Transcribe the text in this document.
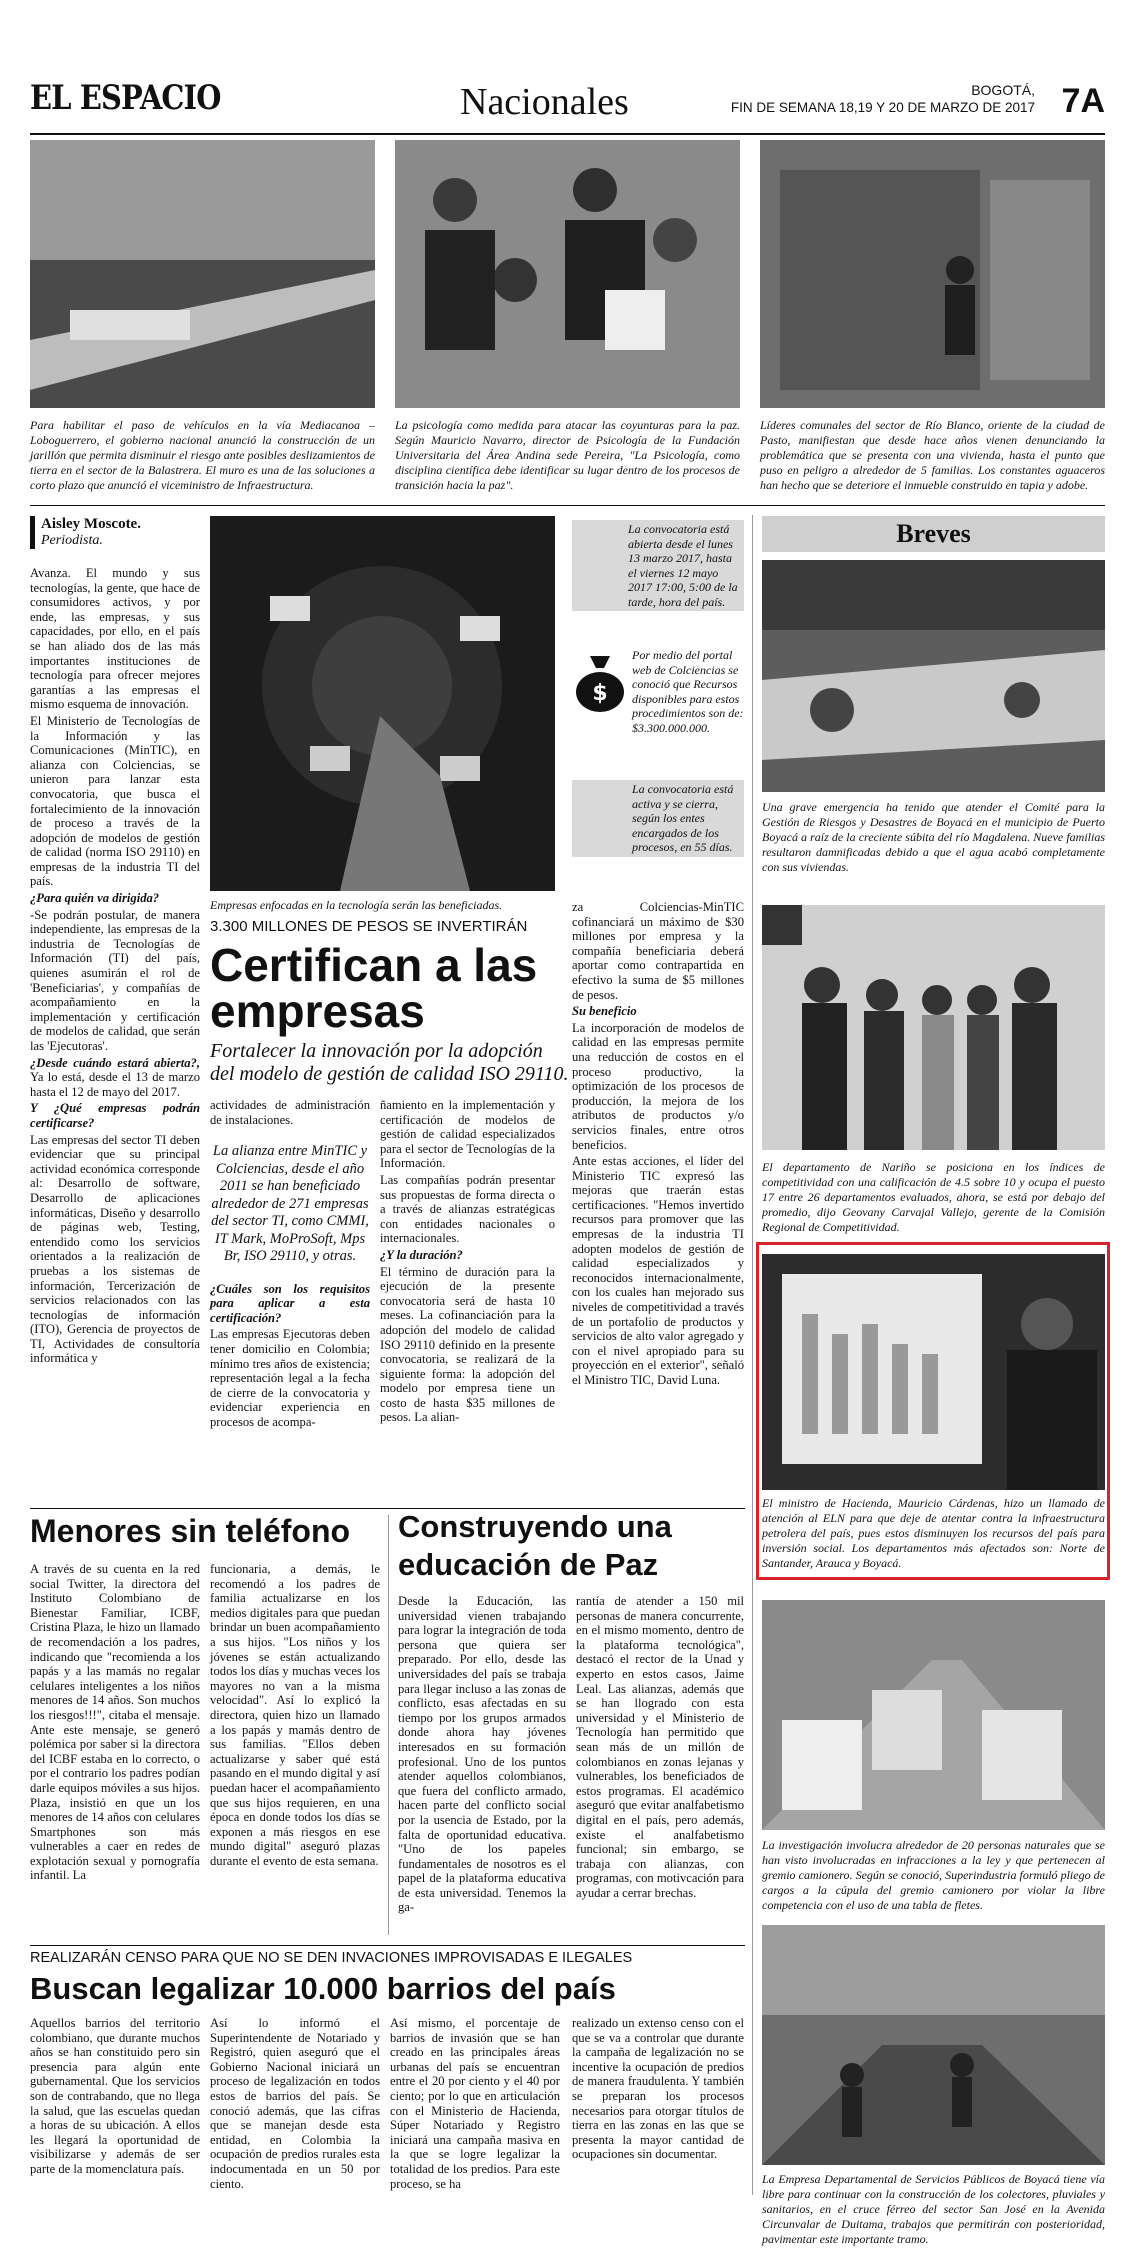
EL ESPACIO	Nacionales	BOGOTÁ,
FIN DE SEMANA 18,19 Y 20 DE MARZO DE 2017 7A
Para habilitar el paso de vehículos en la vía Mediacanoa – Loboguerrero, el gobierno nacional anunció la construcción de un jarillón que permita disminuir el riesgo ante posibles deslizamientos de tierra en el sector de la Balastrera. El muro es una de las soluciones a corto plazo que anunció el viceministro de Infraestructura.
La psicología como medida para atacar las coyunturas para la paz. Según Mauricio Navarro, director de Psicología de la Fundación Universitaria del Área Andina sede Pereira, "La Psicología, como disciplina científica debe identificar su lugar dentro de los procesos de transición hacia la paz".
Líderes comunales del sector de Río Blanco, oriente de la ciudad de Pasto, manifiestan que desde hace años vienen denunciando la problemática que se presenta con una vivienda, hasta el punto que puso en peligro a alrededor de 5 familias. Los constantes aguaceros han hecho que se deteriore el inmueble construido en tapia y adobe.
Aisley Moscote.
Periodista.

Avanza. El mundo y sus tecnologías, la gente, que hace de consumidores activos, y por ende, las empresas, y sus capacidades, por ello, en el país se han aliado dos de las más importantes instituciones de tecnología para ofrecer mejores garantías a las empresas el mismo esquema de innovación.

El Ministerio de Tecnologías de la Información y las Comunicaciones (MinTIC), en alianza con Colciencias, se unieron para lanzar esta convocatoria, que busca el fortalecimiento de la innovación de proceso a través de la adopción de modelos de gestión de calidad (norma ISO 29110) en empresas de la industria TI del país.

¿Para quién va dirigida?

-Se podrán postular, de manera independiente, las empresas de la industria de Tecnologías de Información (TI) del país, quienes asumirán el rol de 'Beneficiarias', y compañías de acompañamiento en la implementación y certificación de modelos de calidad, que serán las 'Ejecutoras'.

¿Desde cuándo estará abierta?, Ya lo está, desde el 13 de marzo hasta el 12 de mayo del 2017.

Y ¿Qué empresas podrán certificarse?

Las empresas del sector TI deben evidenciar que su principal actividad económica corresponde al: Desarrollo de software, Desarrollo de aplicaciones informáticas, Diseño y desarrollo de páginas web, Testing, entendido como los servicios orientados a la realización de pruebas a los sistemas de información, Tercerización de servicios relacionados con las tecnologías de información (ITO), Gerencia de proyectos de TI, Actividades de consultoría informática y

Empresas enfocadas en la tecnología serán las beneficiadas.
3.300 MILLONES DE PESOS SE INVERTIRÁN
Certifican a las empresas
Fortalecer la innovación por la adopción del modelo de gestión de calidad ISO 29110.

actividades de administración de instalaciones.

La alianza entre MinTIC y Colciencias, desde el año 2011 se han beneficiado alrededor de 271 empresas del sector TI, como CMMI, IT Mark, MoProSoft, Mps Br, ISO 29110, y otras.

¿Cuáles son los requisitos para aplicar a esta certificación?

Las empresas Ejecutoras deben tener domicilio en Colombia; mínimo tres años de existencia; representación legal a la fecha de cierre de la convocatoria y evidenciar experiencia en procesos de acompa-

ñamiento en la implementación y certificación de modelos de gestión de calidad especializados para el sector de Tecnologías de la Información.

Las compañías podrán presentar sus propuestas de forma directa o a través de alianzas estratégicas con entidades nacionales o internacionales.

¿Y la duración?

El término de duración para la ejecución de la presente convocatoria será de hasta 10 meses. La cofinanciación para la adopción del modelo de calidad ISO 29110 definido en la presente convocatoria, se realizará de la siguiente forma: la adopción del modelo por empresa tiene un costo de hasta $35 millones de pesos. La alian-

La convocatoria está abierta desde el lunes 13 marzo 2017, hasta el viernes 12 mayo 2017 17:00, 5:00 de la tarde, hora del país.
$
Por medio del portal web de Colciencias se conoció que Recursos disponibles para estos procedimientos son de: $3.300.000.000.
La convocatoria está activa y se cierra, según los entes encargados de los procesos, en 55 días.

za Colciencias-MinTIC cofinanciará un máximo de $30 millones por empresa y la compañía beneficiaria deberá aportar como contrapartida en efectivo la suma de $5 millones de pesos.

Su beneficio

La incorporación de modelos de calidad en las empresas permite una reducción de costos en el proceso productivo, la optimización de los procesos de producción, la mejora de los atributos de productos y/o servicios finales, entre otros beneficios.

Ante estas acciones, el líder del Ministerio TIC expresó las mejoras que traerán estas certificaciones. "Hemos invertido recursos para promover que las empresas de la industria TI adopten modelos de gestión de calidad especializados y reconocidos internacionalmente, con los cuales han mejorado sus niveles de competitividad a través de un portafolio de productos y servicios de alto valor agregado y con el nivel apropiado para su proyección en el exterior", señaló el Ministro TIC, David Luna.

Breves
Una grave emergencia ha tenido que atender el Comité para la Gestión de Riesgos y Desastres de Boyacá en el municipio de Puerto Boyacá a raíz de la creciente súbita del río Magdalena. Nueve familias resultaron damnificadas debido a que el agua acabó completamente con sus viviendas.
El departamento de Nariño se posiciona en los índices de competitividad con una calificación de 4.5 sobre 10 y ocupa el puesto 17 entre 26 departamentos evaluados, ahora, se está por debajo del promedio, dijo Geovany Carvajal Vallejo, gerente de la Comisión Regional de Competitividad.
El ministro de Hacienda, Mauricio Cárdenas, hizo un llamado de atención al ELN para que deje de atentar contra la infraestructura petrolera del país, pues estos disminuyen los recursos del país para inversión social. Los departamentos más afectados son: Norte de Santander, Arauca y Boyacá.
La investigación involucra alrededor de 20 personas naturales que se han visto involucradas en infracciones a la ley y que pertenecen al gremio camionero. Según se conoció, Superindustria formuló pliego de cargos a la cúpula del gremio camionero por violar la libre competencia con el uso de una tabla de fletes.
La Empresa Departamental de Servicios Públicos de Boyacá tiene vía libre para continuar con la construcción de los colectores, pluviales y sanitarios, en el cruce férreo del sector San José en la Avenida Circunvalar de Duitama, trabajos que permitirán con posterioridad, pavimentar este importante tramo.
Menores sin teléfono
A través de su cuenta en la red social Twitter, la directora del Instituto Colombiano de Bienestar Familiar, ICBF, Cristina Plaza, le hizo un llamado de recomendación a los padres, indicando que "recomienda a los papás y a las mamás no regalar celulares inteligentes a los niños menores de 14 años. Son muchos los riesgos!!!", citaba el mensaje. Ante este mensaje, se generó polémica por saber si la directora del ICBF estaba en lo correcto, o por el contrario los padres podían darle equipos móviles a sus hijos. Plaza, insistió en que un los menores de 14 años con celulares Smartphones son más vulnerables a caer en redes de explotación sexual y pornografía infantil. La
funcionaria, a demás, le recomendó a los padres de familia actualizarse en los medios digitales para que puedan brindar un buen acompañamiento a sus hijos. "Los niños y los jóvenes se están actualizando todos los días y muchas veces los mayores no van a la misma velocidad". Así lo explicó la directora, quien hizo un llamado a los papás y mamás dentro de sus familias. "Ellos deben actualizarse y saber qué está pasando en el mundo digital y así puedan hacer el acompañamiento que sus hijos requieren, en una época en donde todos los días se exponen a más riesgos en ese mundo digital" aseguró plazas durante el evento de esta semana.
Construyendo una educación de Paz
Desde la Educación, las universidad vienen trabajando para lograr la integración de toda persona que quiera ser preparado. Por ello, desde las universidades del país se trabaja para llegar incluso a las zonas de conflicto, esas afectadas en su tiempo por los grupos armados donde ahora hay jóvenes interesados en su formación profesional. Uno de los puntos atender aquellos colombianos, que fuera del conflicto armado, hacen parte del conflicto social por la usencia de Estado, por la falta de oportunidad educativa. "Uno de los papeles fundamentales de nosotros es el papel de la plataforma educativa de esta universidad. Tenemos la ga-
rantía de atender a 150 mil personas de manera concurrente, en el mismo momento, dentro de la plataforma tecnológica", destacó el rector de la Unad y experto en estos casos, Jaime Leal. Las alianzas, además que se han llogrado con esta universidad y el Ministerio de Tecnología han permitido que sean más de un millón de colombianos en zonas lejanas y vulnerables, los beneficiados de estos programas. El académico aseguró que evitar analfabetismo digital en el país, pero además, existe el analfabetismo funcional; sin embargo, se trabaja con alianzas, con programas, con motivcación para ayudar a cerrar brechas.
REALIZARÁN CENSO PARA QUE NO SE DEN INVACIONES IMPROVISADAS E ILEGALES
Buscan legalizar 10.000 barrios del país
Aquellos barrios del territorio colombiano, que durante muchos años se han constituido pero sin presencia para algún ente gubernamental. Que los servicios son de contrabando, que no llega la salud, que las escuelas quedan a horas de su ubicación. A ellos les llegará la oportunidad de visibilizarse y además de ser parte de la momenclatura país.
Así lo informó el Superintendente de Notariado y Registró, quien aseguró que el Gobierno Nacional iniciará un proceso de legalización en todos estos de barrios del país. Se conoció además, que las cifras que se manejan desde esta entidad, en Colombia la ocupación de predios rurales esta indocumentada en un 50 por ciento.
Así mismo, el porcentaje de barrios de invasión que se han creado en las principales áreas urbanas del país se encuentran entre el 20 por ciento y el 40 por ciento; por lo que en articulación con el Ministerio de Hacienda, Súper Notariado y Registro iniciará una campaña masiva en la que se logre legalizar la totalidad de los predios. Para este proceso, se ha
realizado un extenso censo con el que se va a controlar que durante la campaña de legalización no se incentive la ocupación de predios de manera fraudulenta. Y también se preparan los procesos necesarios para otorgar títulos de tierra en las zonas en las que se presenta la mayor cantidad de ocupaciones sin documentar.
